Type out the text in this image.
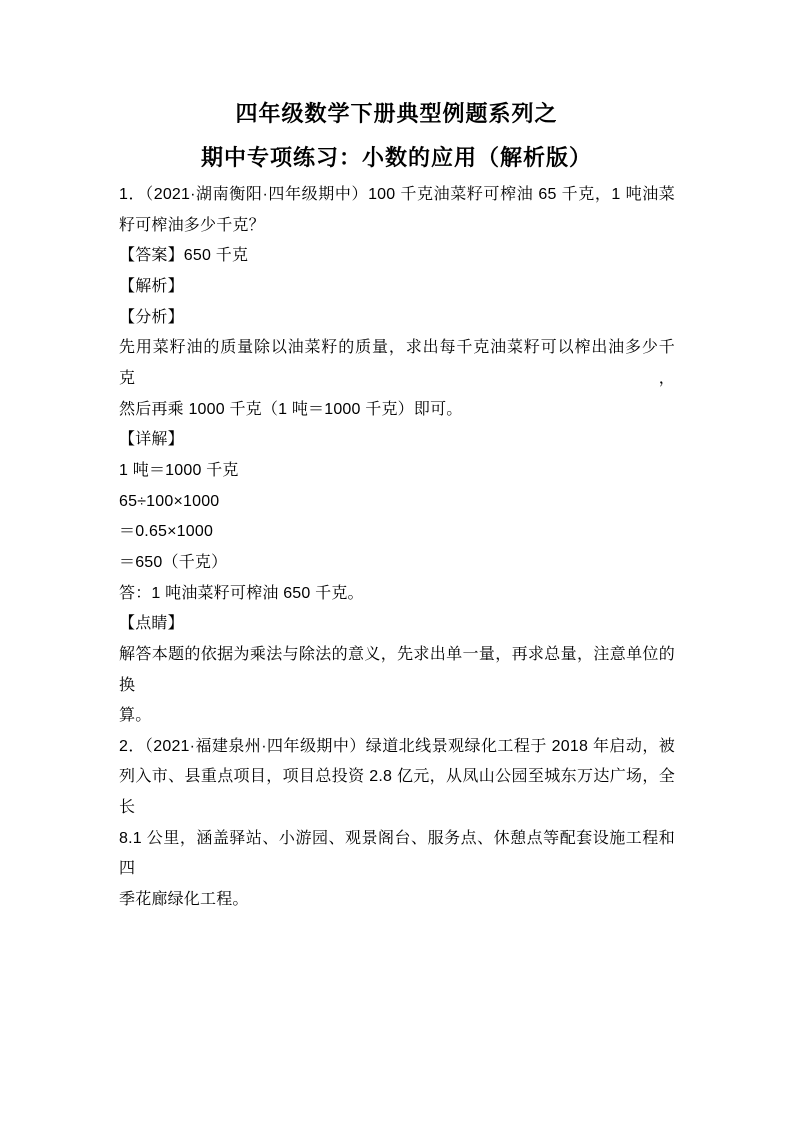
四年级数学下册典型例题系列之
期中专项练习：小数的应用（解析版）
1．（2021·湖南衡阳·四年级期中）100 千克油菜籽可榨油 65 千克，1 吨油菜
籽可榨油多少千克？
【答案】650 千克
【解析】
【分析】
先用菜籽油的质量除以油菜籽的质量，求出每千克油菜籽可以榨出油多少千克，
然后再乘 1000 千克（1 吨＝1000 千克）即可。
【详解】
1 吨＝1000 千克
65÷100×1000
＝0.65×1000
＝650（千克）
答：1 吨油菜籽可榨油 650 千克。
【点睛】
解答本题的依据为乘法与除法的意义，先求出单一量，再求总量，注意单位的换
算。
2．（2021·福建泉州·四年级期中）绿道北线景观绿化工程于 2018 年启动，被
列入市、县重点项目，项目总投资 2.8 亿元，从凤山公园至城东万达广场，全长
8.1 公里，涵盖驿站、小游园、观景阁台、服务点、休憩点等配套设施工程和四
季花廊绿化工程。
